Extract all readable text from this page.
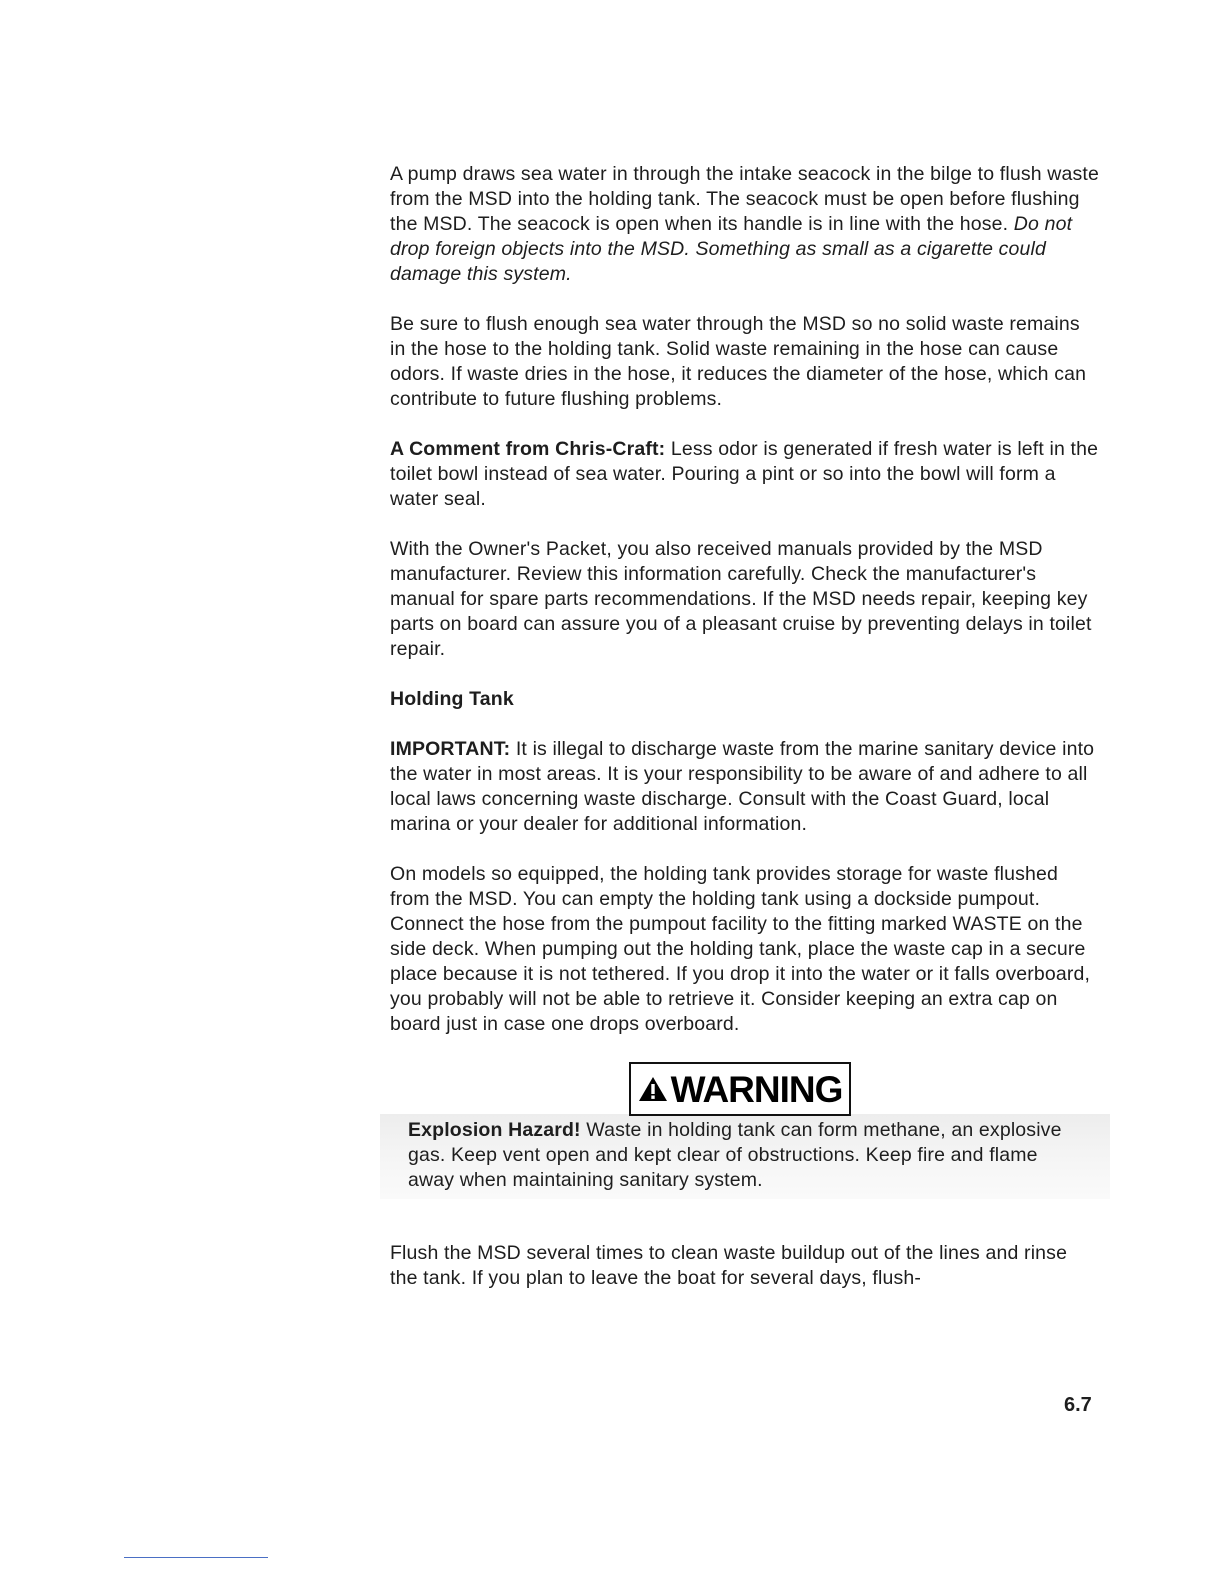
A pump draws sea water in through the intake seacock in the bilge to flush waste from the MSD into the holding tank. The seacock must be open before flushing the MSD. The seacock is open when its handle is in line with the hose. Do not drop foreign objects into the MSD. Something as small as a cigarette could damage this system.

Be sure to flush enough sea water through the MSD so no solid waste remains in the hose to the holding tank. Solid waste remaining in the hose can cause odors. If waste dries in the hose, it reduces the diameter of the hose, which can contribute to future flushing problems.

A Comment from Chris-Craft: Less odor is generated if fresh water is left in the toilet bowl instead of sea water. Pouring a pint or so into the bowl will form a water seal.

With the Owner's Packet, you also received manuals provided by the MSD manufacturer. Review this information carefully. Check the manufacturer's manual for spare parts recommendations. If the MSD needs repair, keeping key parts on board can assure you of a pleasant cruise by preventing delays in toilet repair.

Holding Tank

IMPORTANT: It is illegal to discharge waste from the marine sanitary device into the water in most areas. It is your responsibility to be aware of and adhere to all local laws concerning waste discharge. Consult with the Coast Guard, local marina or your dealer for additional information.

On models so equipped, the holding tank provides storage for waste flushed from the MSD. You can empty the holding tank using a dockside pumpout. Connect the hose from the pumpout facility to the fitting marked WASTE on the side deck. When pumping out the holding tank, place the waste cap in a secure place because it is not tethered. If you drop it into the water or it falls overboard, you probably will not be able to retrieve it. Consider keeping an extra cap on board just in case one drops overboard.

WARNING
Explosion Hazard! Waste in holding tank can form methane, an explosive gas. Keep vent open and kept clear of obstructions. Keep fire and flame away when maintaining sanitary system.

Flush the MSD several times to clean waste buildup out of the lines and rinse the tank. If you plan to leave the boat for several days, flush-

6.7
